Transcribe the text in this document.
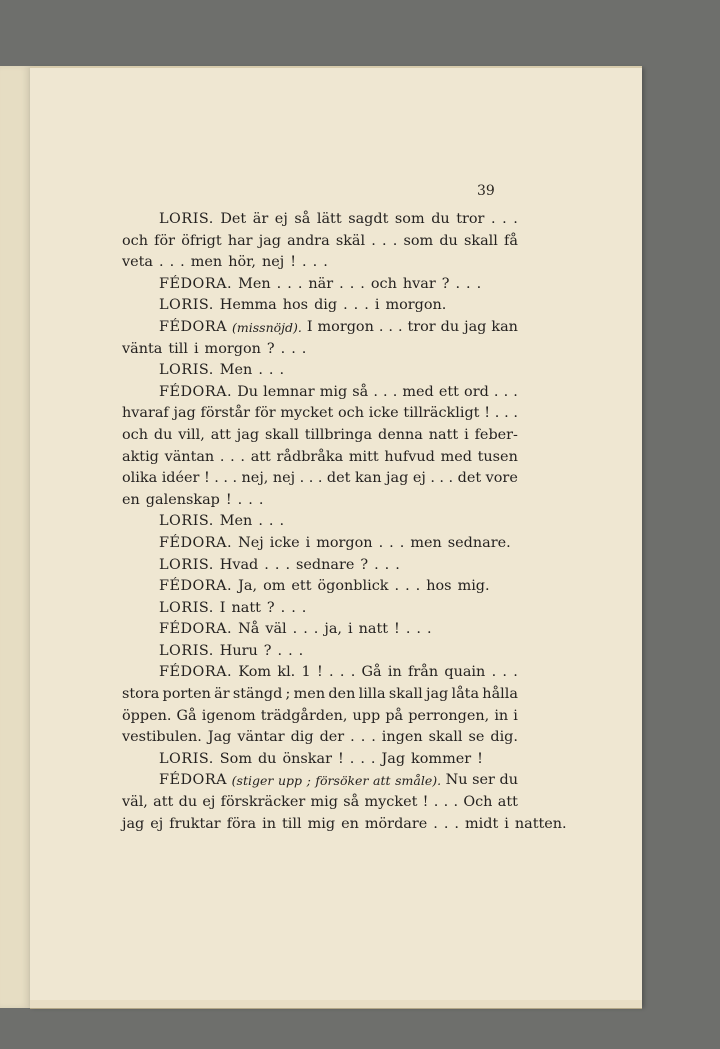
39
LORIS. Det är ej så lätt sagdt som du tror . . .
och för öfrigt har jag andra skäl . . . som du skall få
veta . . . men hör, nej ! . . .
FÉDORA. Men . . . när . . . och hvar ? . . .
LORIS. Hemma hos dig . . . i morgon.
FÉDORA (missnöjd). I morgon . . . tror du jag kan
vänta till i morgon ? . . .
LORIS. Men . . .
FÉDORA. Du lemnar mig så . . . med ett ord . . .
hvaraf jag förstår för mycket och icke tillräckligt ! . . .
och du vill, att jag skall tillbringa denna natt i feber-
aktig väntan . . . att rådbråka mitt hufvud med tusen
olika idéer ! . . . nej, nej . . . det kan jag ej . . . det vore
en galenskap ! . . .
LORIS. Men . . .
FÉDORA. Nej icke i morgon . . . men sednare.
LORIS. Hvad . . . sednare ? . . .
FÉDORA. Ja, om ett ögonblick . . . hos mig.
LORIS. I natt ? . . .
FÉDORA. Nå väl . . . ja, i natt ! . . .
LORIS. Huru ? . . .
FÉDORA. Kom kl. 1 ! . . . Gå in från quain . . .
stora porten är stängd ; men den lilla skall jag låta hålla
öppen. Gå igenom trädgården, upp på perrongen, in i
vestibulen. Jag väntar dig der . . . ingen skall se dig.
LORIS. Som du önskar ! . . . Jag kommer !
FÉDORA (stiger upp ; försöker att småle). Nu ser du
väl, att du ej förskräcker mig så mycket ! . . . Och att
jag ej fruktar föra in till mig en mördare . . . midt i natten.
